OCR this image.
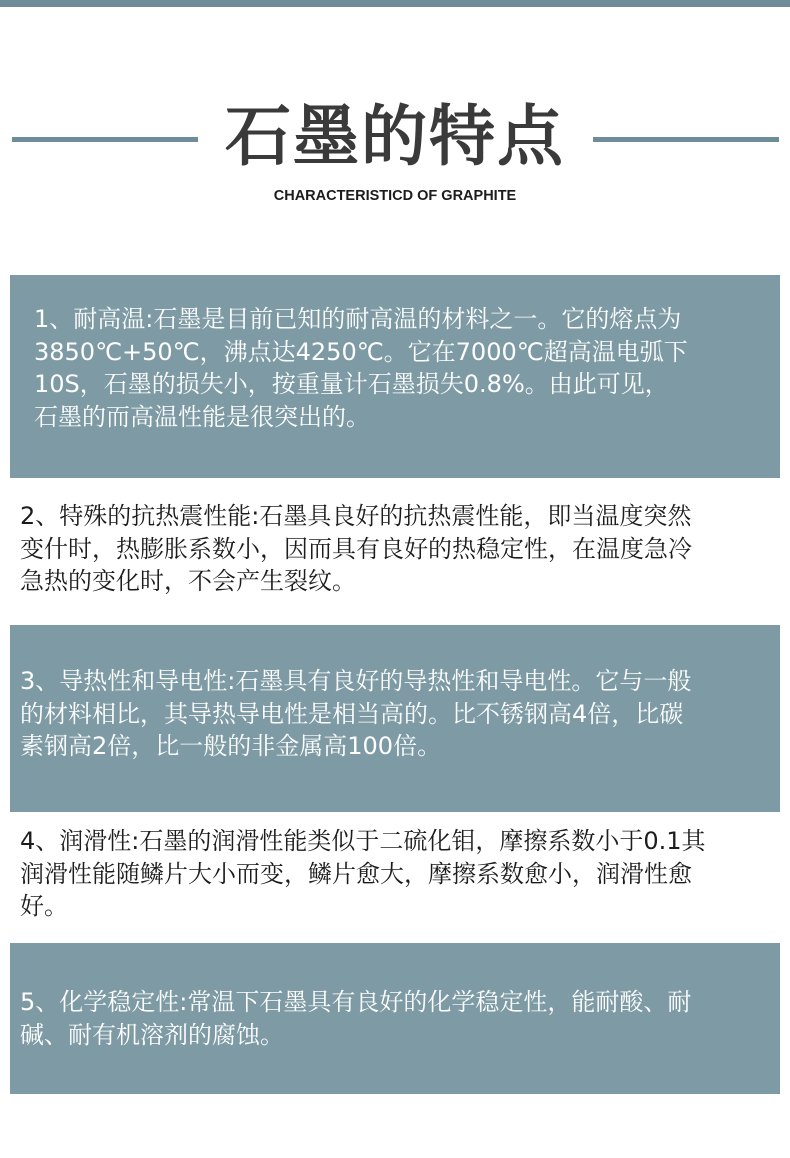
石墨的特点
CHARACTERISTICD OF GRAPHITE
1、耐高温:石墨是目前已知的耐高温的材料之一。它的熔点为
3850℃+50℃，沸点达4250℃。它在7000℃超高温电弧下
10S，石墨的损失小，按重量计石墨损失0.8%。由此可见，
石墨的而高温性能是很突出的。
2、特殊的抗热震性能:石墨具良好的抗热震性能，即当温度突然
变什时，热膨胀系数小，因而具有良好的热稳定性，在温度急冷
急热的变化时，不会产生裂纹。
3、导热性和导电性:石墨具有良好的导热性和导电性。它与一般
的材料相比，其导热导电性是相当高的。比不锈钢高4倍，比碳
素钢高2倍，比一般的非金属高100倍。
4、润滑性:石墨的润滑性能类似于二硫化钼，摩擦系数小于0.1其
润滑性能随鳞片大小而变，鳞片愈大，摩擦系数愈小，润滑性愈
好。
5、化学稳定性:常温下石墨具有良好的化学稳定性，能耐酸、耐
碱、耐有机溶剂的腐蚀。
